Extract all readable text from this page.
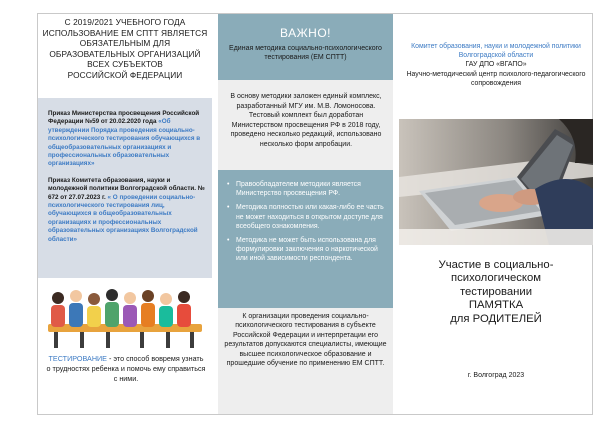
С 2019/2021 УЧЕБНОГО ГОДА
ИСПОЛЬЗОВАНИЕ ЕМ СПТТ ЯВЛЯЕТСЯ
ОБЯЗАТЕЛЬНЫМ ДЛЯ
ОБРАЗОВАТЕЛЬНЫХ ОРГАНИЗАЦИЙ
ВСЕХ СУБЪЕКТОВ
РОССИЙСКОЙ ФЕДЕРАЦИИ

Приказ Министерства просвещения Российской Федерации №59 от 20.02.2020 года «Об утверждении Порядка проведения социально-психологического тестирования обучающихся в общеобразовательных организациях и профессиональных образовательных организациях»

Приказ Комитета образования, науки и молодежной политики Волгоградской области. № 672 от 27.07.2023 г. « О проведении социально-психологического тестирования лиц, обучающихся в общеобразовательных организациях и профессиональных образовательных организациях Волгоградской области»

ТЕСТИРОВАНИЕ - это способ вовремя узнать о трудностях ребенка и помочь ему справиться с ними.

ВАЖНО!
Единая методика социально-психологического тестирования (ЕМ СПТТ)

В основу методики заложен единый комплекс, разработанный МГУ им. М.В. Ломоносова. Тестовый комплект был доработан Министерством просвещения РФ в 2018 году, проведено несколько редакций, использовано несколько форм апробации.

• Правообладателем методики является Министерство просвещения РФ.
• Методика полностью или какая-либо ее часть не может находиться в открытом доступе для всеобщего ознакомления.
• Методика не может быть использована для формулировки заключения о наркотической или иной зависимости респондента.

К организации проведения социально-психологического тестирования в субъекте Российской Федерации и интерпретации его результатов допускаются специалисты, имеющие высшее психологическое образование и прошедшие обучение по применению ЕМ СПТТ.

Комитет образования, науки и молодежной политики Волгоградской области
ГАУ ДПО «ВГАПО»
Научно-методический центр психолого-педагогического сопровождения
Участие в социально-
психологическом
тестировании
ПАМЯТКА
для РОДИТЕЛЕЙ

г. Волгоград 2023
